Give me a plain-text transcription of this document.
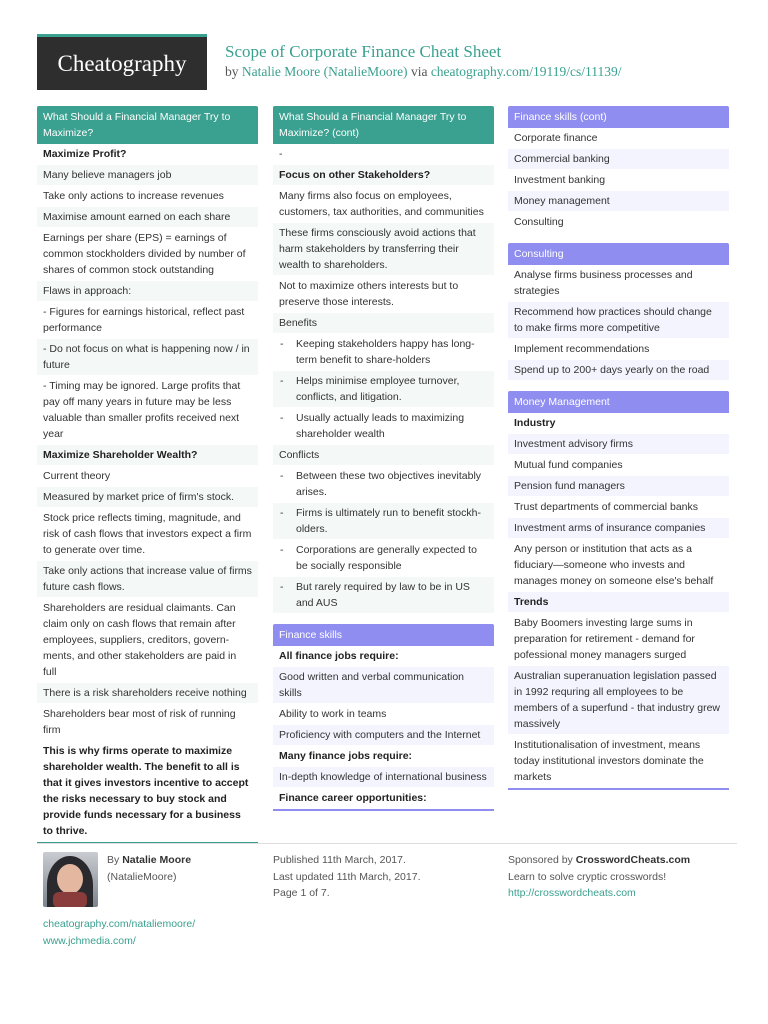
Cheatography	Scope of Corporate Finance Cheat Sheet
by Natalie Moore (NatalieMoore) via cheatography.com/19119/cs/11139/
What Should a Financial Manager Try to Maximize?
Maximize Profit?
Many believe managers job
Take only actions to increase revenues
Maximise amount earned on each share
Earnings per share (EPS) = earnings of common stockholders divided by number of shares of common stock outstanding
Flaws in approach:
- Figures for earnings historical, reflect past performance
- Do not focus on what is happening now / in future
- Timing may be ignored. Large profits that pay off many years in future may be less valuable than smaller profits received next year
Maximize Shareholder Wealth?
Current theory
Measured by market price of firm's stock.
Stock price reflects timing, magnitude, and risk of cash flows that investors expect a firm to generate over time.
Take only actions that increase value of firms future cash flows.
Shareholders are residual claimants. Can claim only on cash flows that remain after employees, suppliers, creditors, governments, and other stakeholders are paid in full
There is a risk shareholders receive nothing
Shareholders bear most of risk of running firm
This is why firms operate to maximize shareholder wealth. The benefit to all is that it gives investors incentive to accept the risks necessary to buy stock and provide funds necessary for a business to thrive.
What Should a Financial Manager Try to Maximize? (cont)
-
Focus on other Stakeholders?
Many firms also focus on employees, customers, tax authorities, and communities
These firms consciously avoid actions that harm stakeholders by transferring their wealth to shareholders.
Not to maximize others interests but to preserve those interests.
Benefits
- Keeping stakeholders happy has long-term benefit to share-holders
- Helps minimise employee turnover, conflicts, and litigation.
- Usually actually leads to maximizing shareholder wealth
Conflicts
- Between these two objectives inevitably arises.
- Firms is ultimately run to benefit stockholders.
- Corporations are generally expected to be socially responsible
- But rarely required by law to be in US and AUS
Finance skills
All finance jobs require:
Good written and verbal communication skills
Ability to work in teams
Proficiency with computers and the Internet
Many finance jobs require:
In-depth knowledge of international business
Finance career opportunities:
Finance skills (cont)
Corporate finance
Commercial banking
Investment banking
Money management
Consulting
Consulting
Analyse firms business processes and strategies
Recommend how practices should change to make firms more competitive
Implement recommendations
Spend up to 200+ days yearly on the road
Money Management
Industry
Investment advisory firms
Mutual fund companies
Pension fund managers
Trust departments of commercial banks
Investment arms of insurance companies
Any person or institution that acts as a fiduciary—someone who invests and manages money on someone else's behalf
Trends
Baby Boomers investing large sums in preparation for retirement - demand for pofessional money managers surged
Australian superanuation legislation passed in 1992 requring all employees to be members of a superfund - that industry grew massively
Institutionalisation of investment, means today institutional investors dominate the markets
By Natalie Moore
(NatalieMoore)
cheatography.com/nataliemoore/
www.jchmedia.com/
Published 11th March, 2017.
Last updated 11th March, 2017.
Page 1 of 7.
Sponsored by CrosswordCheats.com
Learn to solve cryptic crosswords!
http://crosswordcheats.com
